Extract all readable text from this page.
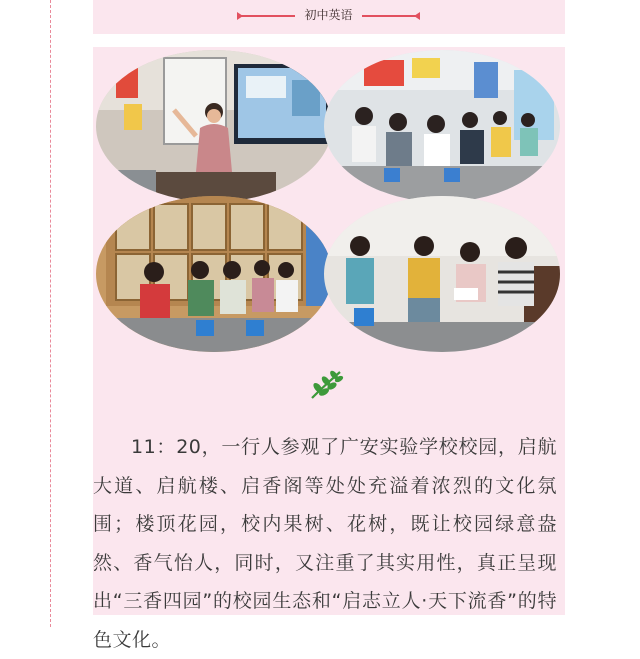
初中英语

11：20，一行人参观了广安实验学校校园，启航大道、启航楼、启香阁等处处充溢着浓烈的文化氛围；楼顶花园，校内果树、花树，既让校园绿意盎然、香气怡人，同时，又注重了其实用性，真正呈现出“三香四园”的校园生态和“启志立人·天下流香”的特色文化。
